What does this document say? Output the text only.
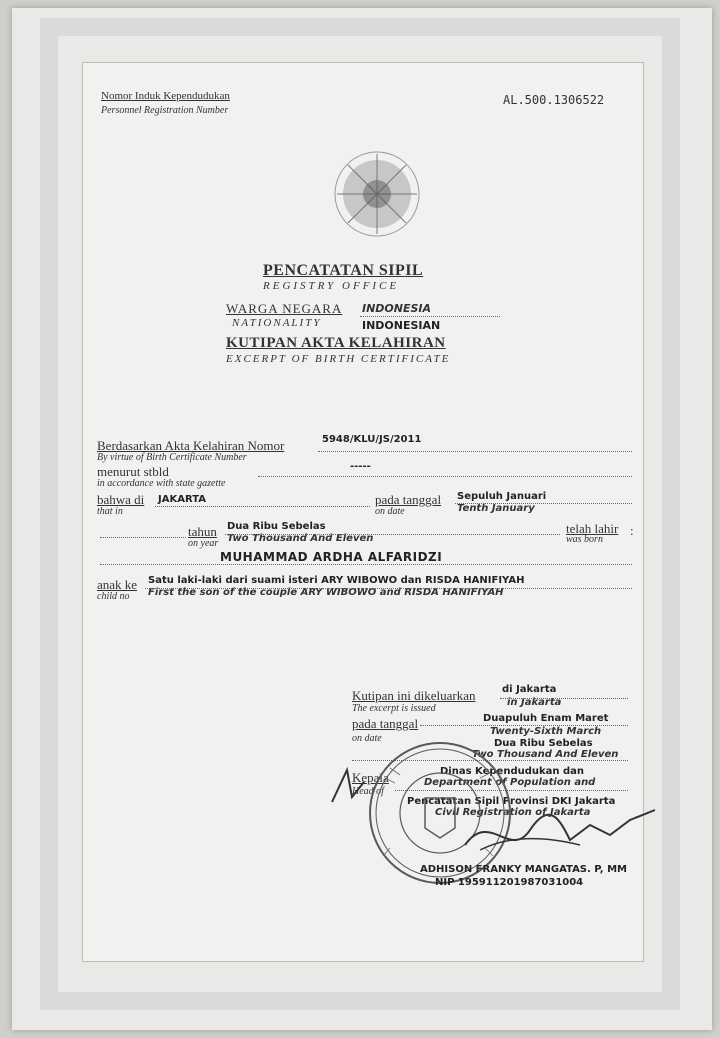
Nomor Induk Kependudukan
Personnel Registration Number
AL.500.1306522
PENCATATAN SIPIL
REGISTRY OFFICE
WARGA NEGARA INDONESIA
NATIONALITY	INDONESIAN
KUTIPAN AKTA KELAHIRAN
EXCERPT OF BIRTH CERTIFICATE
Berdasarkan Akta Kelahiran Nomor
By virtue of Birth Certificate Number
5948/KLU/JS/2011
menurut stbld
in accordance with state gazette
-----
bahwa di
that in
JAKARTA	pada tanggal
on date
Sepuluh Januari
Tenth January
tahun
on year
Dua Ribu Sebelas
Two Thousand And Eleven
telah lahir
was born
:
MUHAMMAD ARDHA ALFARIDZI
anak ke
child no
Satu laki-laki dari suami isteri ARY WIBOWO dan RISDA HANIFIYAH
First the son of the couple ARY WIBOWO and RISDA HANIFIYAH
Kutipan ini dikeluarkan
The excerpt is issued
di Jakarta
in Jakarta
pada tanggal
on date
Duapuluh Enam Maret
Twenty-Sixth March
Dua Ribu Sebelas
Two Thousand And Eleven
Kepala
Head of
Dinas Kependudukan dan
Department of Population and
Pencatatan Sipil Provinsi DKI Jakarta
Civil Registration of Jakarta
ADHISON FRANKY MANGATAS. P, MM
NIP 195911201987031004
